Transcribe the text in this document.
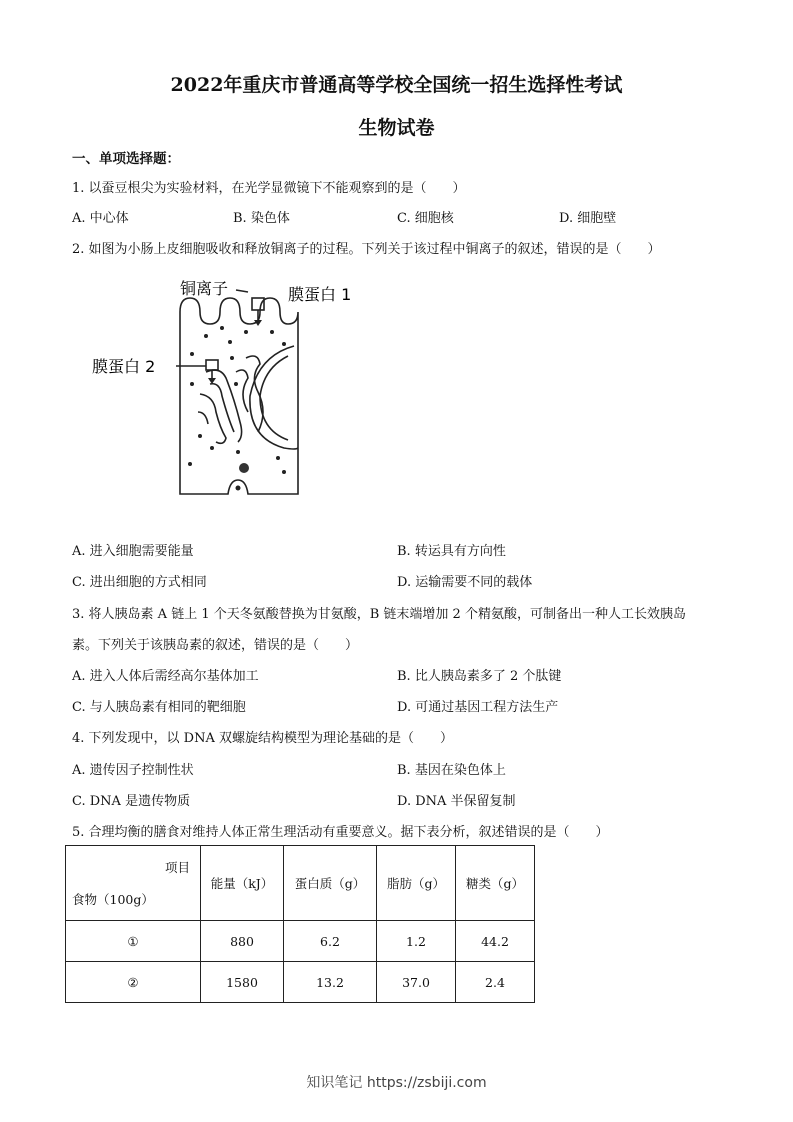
2022年重庆市普通高等学校全国统一招生选择性考试
生物试卷
一、单项选择题：
1. 以蚕豆根尖为实验材料，在光学显微镜下不能观察到的是（　　）
A. 中心体	B. 染色体	C. 细胞核	D. 细胞壁
2. 如图为小肠上皮细胞吸收和释放铜离子的过程。下列关于该过程中铜离子的叙述，错误的是（　　）
铜离子	膜蛋白 1
膜蛋白 2
A. 进入细胞需要能量	B. 转运具有方向性
C. 进出细胞的方式相同	D. 运输需要不同的载体
3. 将人胰岛素 A 链上 1 个天冬氨酸替换为甘氨酸，B 链末端增加 2 个精氨酸，可制备出一种人工长效胰岛
素。下列关于该胰岛素的叙述，错误的是（　　）
A. 进入人体后需经高尔基体加工	B. 比人胰岛素多了 2 个肽键
C. 与人胰岛素有相同的靶细胞	D. 可通过基因工程方法生产
4. 下列发现中，以 DNA 双螺旋结构模型为理论基础的是（　　）
A. 遗传因子控制性状	B. 基因在染色体上
C. DNA 是遗传物质	D. DNA 半保留复制
5. 合理均衡的膳食对维持人体正常生理活动有重要意义。据下表分析，叙述错误的是（　　）
项目
食物（100g）	能量（kJ）	蛋白质（g）	脂肪（g）	糖类（g）
①	880	6.2	1.2	44.2
②	1580	13.2	37.0	2.4
知识笔记 https://zsbiji.com
